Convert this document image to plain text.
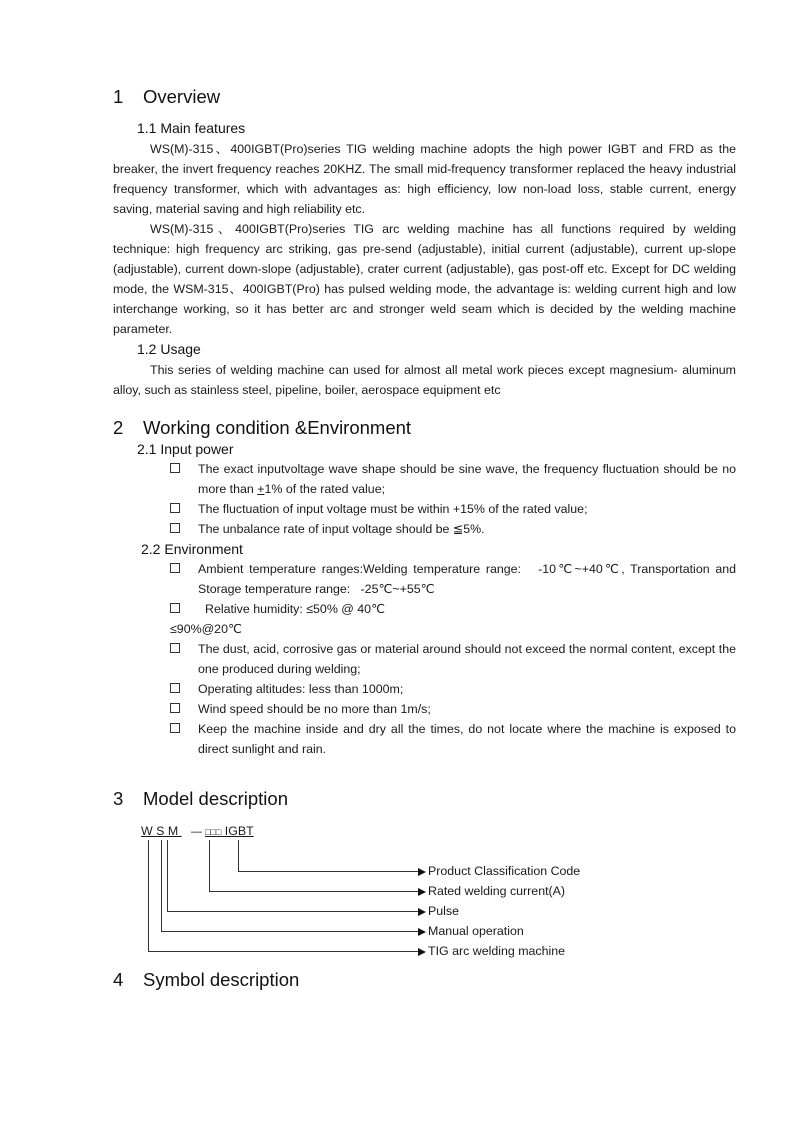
1 Overview
1.1 Main features
WS(M)-315、400IGBT(Pro)series TIG welding machine adopts the high power IGBT and FRD as the breaker, the invert frequency reaches 20KHZ. The small mid-frequency transformer replaced the heavy industrial frequency transformer, which with advantages as: high efficiency, low non-load loss, stable current, energy saving, material saving and high reliability etc.
WS(M)-315、400IGBT(Pro)series TIG arc welding machine has all functions required by welding technique: high frequency arc striking, gas pre-send (adjustable), initial current (adjustable), current up-slope (adjustable), current down-slope (adjustable), crater current (adjustable), gas post-off etc. Except for DC welding mode, the WSM-315、400IGBT(Pro) has pulsed welding mode, the advantage is: welding current high and low interchange working, so it has better arc and stronger weld seam which is decided by the welding machine parameter.
1.2 Usage
This series of welding machine can used for almost all metal work pieces except magnesium- aluminum alloy, such as stainless steel, pipeline, boiler, aerospace equipment etc
2 Working condition &Environment
2.1 Input power
The exact inputvoltage wave shape should be sine wave, the frequency fluctuation should be no more than +1% of the rated value;
The fluctuation of input voltage must be within +15% of the rated value;
The unbalance rate of input voltage should be ≦5%.
2.2 Environment
Ambient temperature ranges:Welding temperature range:   -10℃~+40℃, Transportation and Storage temperature range:   -25℃~+55℃
Relative humidity: ≤50% @ 40℃
≤90%@20℃
The dust, acid, corrosive gas or material around should not exceed the normal content, except the one produced during welding;
Operating altitudes: less than 1000m;
Wind speed should be no more than 1m/s;
Keep the machine inside and dry all the times, do not locate where the machine is exposed to direct sunlight and rain.
3 Model description
W S M — □□□ IGBT
Product Classification Code
Rated welding current(A)
Pulse
Manual operation
TIG arc welding machine
4 Symbol description
